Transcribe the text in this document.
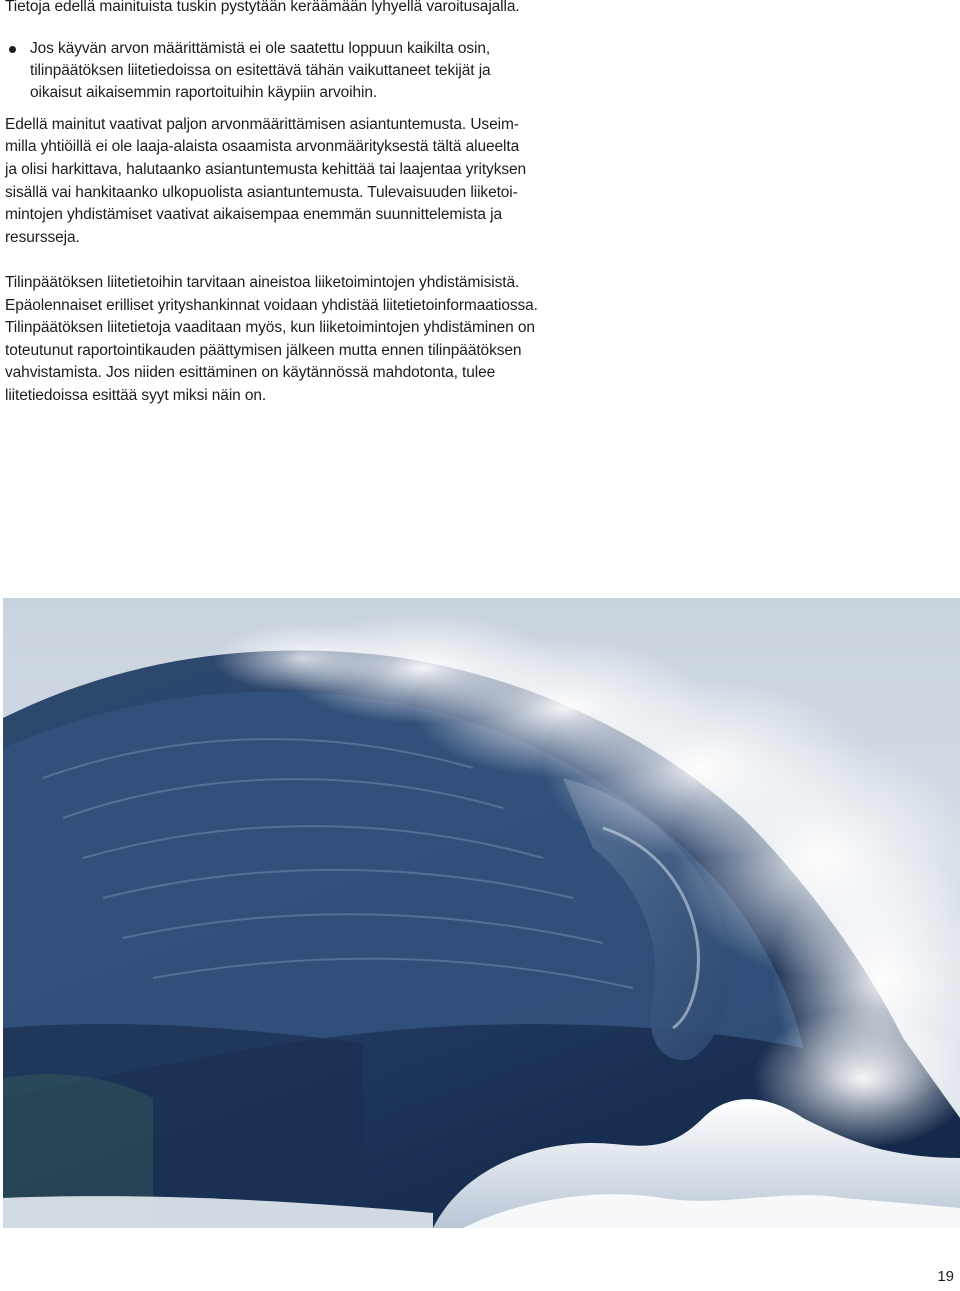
Tietoja edellä mainituista tuskin pystytään keräämään lyhyellä varoitusajalla.
Jos käyvän arvon määrittämistä ei ole saatettu loppuun kaikilta osin,
tilinpäätöksen liitetiedoissa on esitettävä tähän vaikuttaneet tekijät ja
oikaisut aikaisemmin raportoituihin käypiin arvoihin.
Edellä mainitut vaativat paljon arvonmäärittämisen asiantuntemusta. Useim-
milla yhtiöillä ei ole laaja-alaista osaamista arvonmäärityksestä tältä alueelta
ja olisi harkittava, halutaanko asiantuntemusta kehittää tai laajentaa yrityksen
sisällä vai hankitaanko ulkopuolista asiantuntemusta. Tulevaisuuden liiketoi-
mintojen yhdistämiset vaativat aikaisempaa enemmän suunnittelemista ja
resursseja.
Tilinpäätöksen liitetietoihin tarvitaan aineistoa liiketoimintojen yhdistämisistä.
Epäolennaiset erilliset yrityshankinnat voidaan yhdistää liitetietoinformaatiossa.
Tilinpäätöksen liitetietoja vaaditaan myös, kun liiketoimintojen yhdistäminen on
toteutunut raportointikauden päättymisen jälkeen mutta ennen tilinpäätöksen
vahvistamista. Jos niiden esittäminen on käytännössä mahdotonta, tulee
liitetiedoissa esittää syyt miksi näin on.
19
